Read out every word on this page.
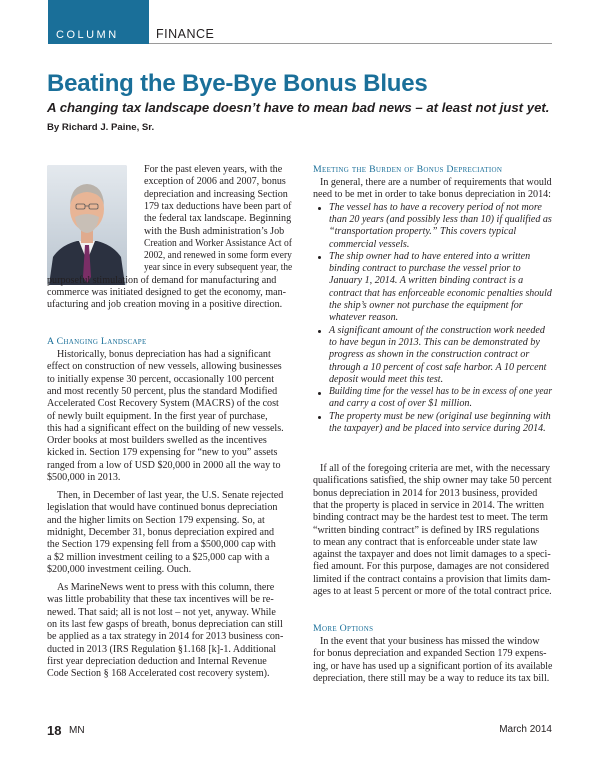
COLUMN	FINANCE
Beating the Bye-Bye Bonus Blues
A changing tax landscape doesn’t have to mean bad news – at least not just yet.
By Richard J. Paine, Sr.
For the past eleven years, with the
exception of 2006 and 2007, bonus
depreciation and increasing Section
179 tax deductions have been part of
the federal tax landscape. Beginning
with the Bush administration’s Job
Creation and Worker Assistance Act of
2002, and renewed in some form every
year since in every subsequent year, the
purposeful stimulation of demand for manufacturing and
commerce was initiated designed to get the economy, man-
ufacturing and job creation moving in a positive direction.
A Changing Landscape
Historically, bonus depreciation has had a significant
effect on construction of new vessels, allowing businesses
to initially expense 30 percent, occasionally 100 percent
and most recently 50 percent, plus the standard Modified
Accelerated Cost Recovery System (MACRS) of the cost
of newly built equipment. In the first year of purchase,
this had a significant effect on the building of new vessels.
Order books at most builders swelled as the incentives
kicked in. Section 179 expensing for “new to you” assets
ranged from a low of USD $20,000 in 2000 all the way to
$500,000 in 2013.
Then, in December of last year, the U.S. Senate rejected
legislation that would have continued bonus depreciation
and the higher limits on Section 179 expensing. So, at
midnight, December 31, bonus depreciation expired and
the Section 179 expensing fell from a $500,000 cap with
a $2 million investment ceiling to a $25,000 cap with a
$200,000 investment ceiling. Ouch.
As MarineNews went to press with this column, there
was little probability that these tax incentives will be re-
newed. That said; all is not lost – not yet, anyway. While
on its last few gasps of breath, bonus depreciation can still
be applied as a tax strategy in 2014 for 2013 business con-
ducted in 2013 (IRS Regulation §1.168 [k]-1. Additional
first year depreciation deduction and Internal Revenue
Code Section § 168 Accelerated cost recovery system).
Meeting the Burden of Bonus Depreciation
In general, there are a number of requirements that would
need to be met in order to take bonus depreciation in 2014:
The vessel has to have a recovery period of not more
than 20 years (and possibly less than 10) if qualified as
“transportation property.” This covers typical
commercial vessels.
The ship owner had to have entered into a written
binding contract to purchase the vessel prior to
January 1, 2014. A written binding contract is a
contract that has enforceable economic penalties should
the ship’s owner not purchase the equipment for
whatever reason.
A significant amount of the construction work needed
to have begun in 2013. This can be demonstrated by
progress as shown in the construction contract or
through a 10 percent of cost safe harbor. A 10 percent
deposit would meet this test.
Building time for the vessel has to be in excess of one year
and carry a cost of over $1 million.
The property must be new (original use beginning with
the taxpayer) and be placed into service during 2014.
If all of the foregoing criteria are met, with the necessary
qualifications satisfied, the ship owner may take 50 percent
bonus depreciation in 2014 for 2013 business, provided
that the property is placed in service in 2014. The written
binding contract may be the hardest test to meet. The term
“written binding contract” is defined by IRS regulations
to mean any contract that is enforceable under state law
against the taxpayer and does not limit damages to a speci-
fied amount. For this purpose, damages are not considered
limited if the contract contains a provision that limits dam-
ages to at least 5 percent or more of the total contract price.
More Options
In the event that your business has missed the window
for bonus depreciation and expanded Section 179 expens-
ing, or have has used up a significant portion of its available
depreciation, there still may be a way to reduce its tax bill.
18 MN	March 2014
